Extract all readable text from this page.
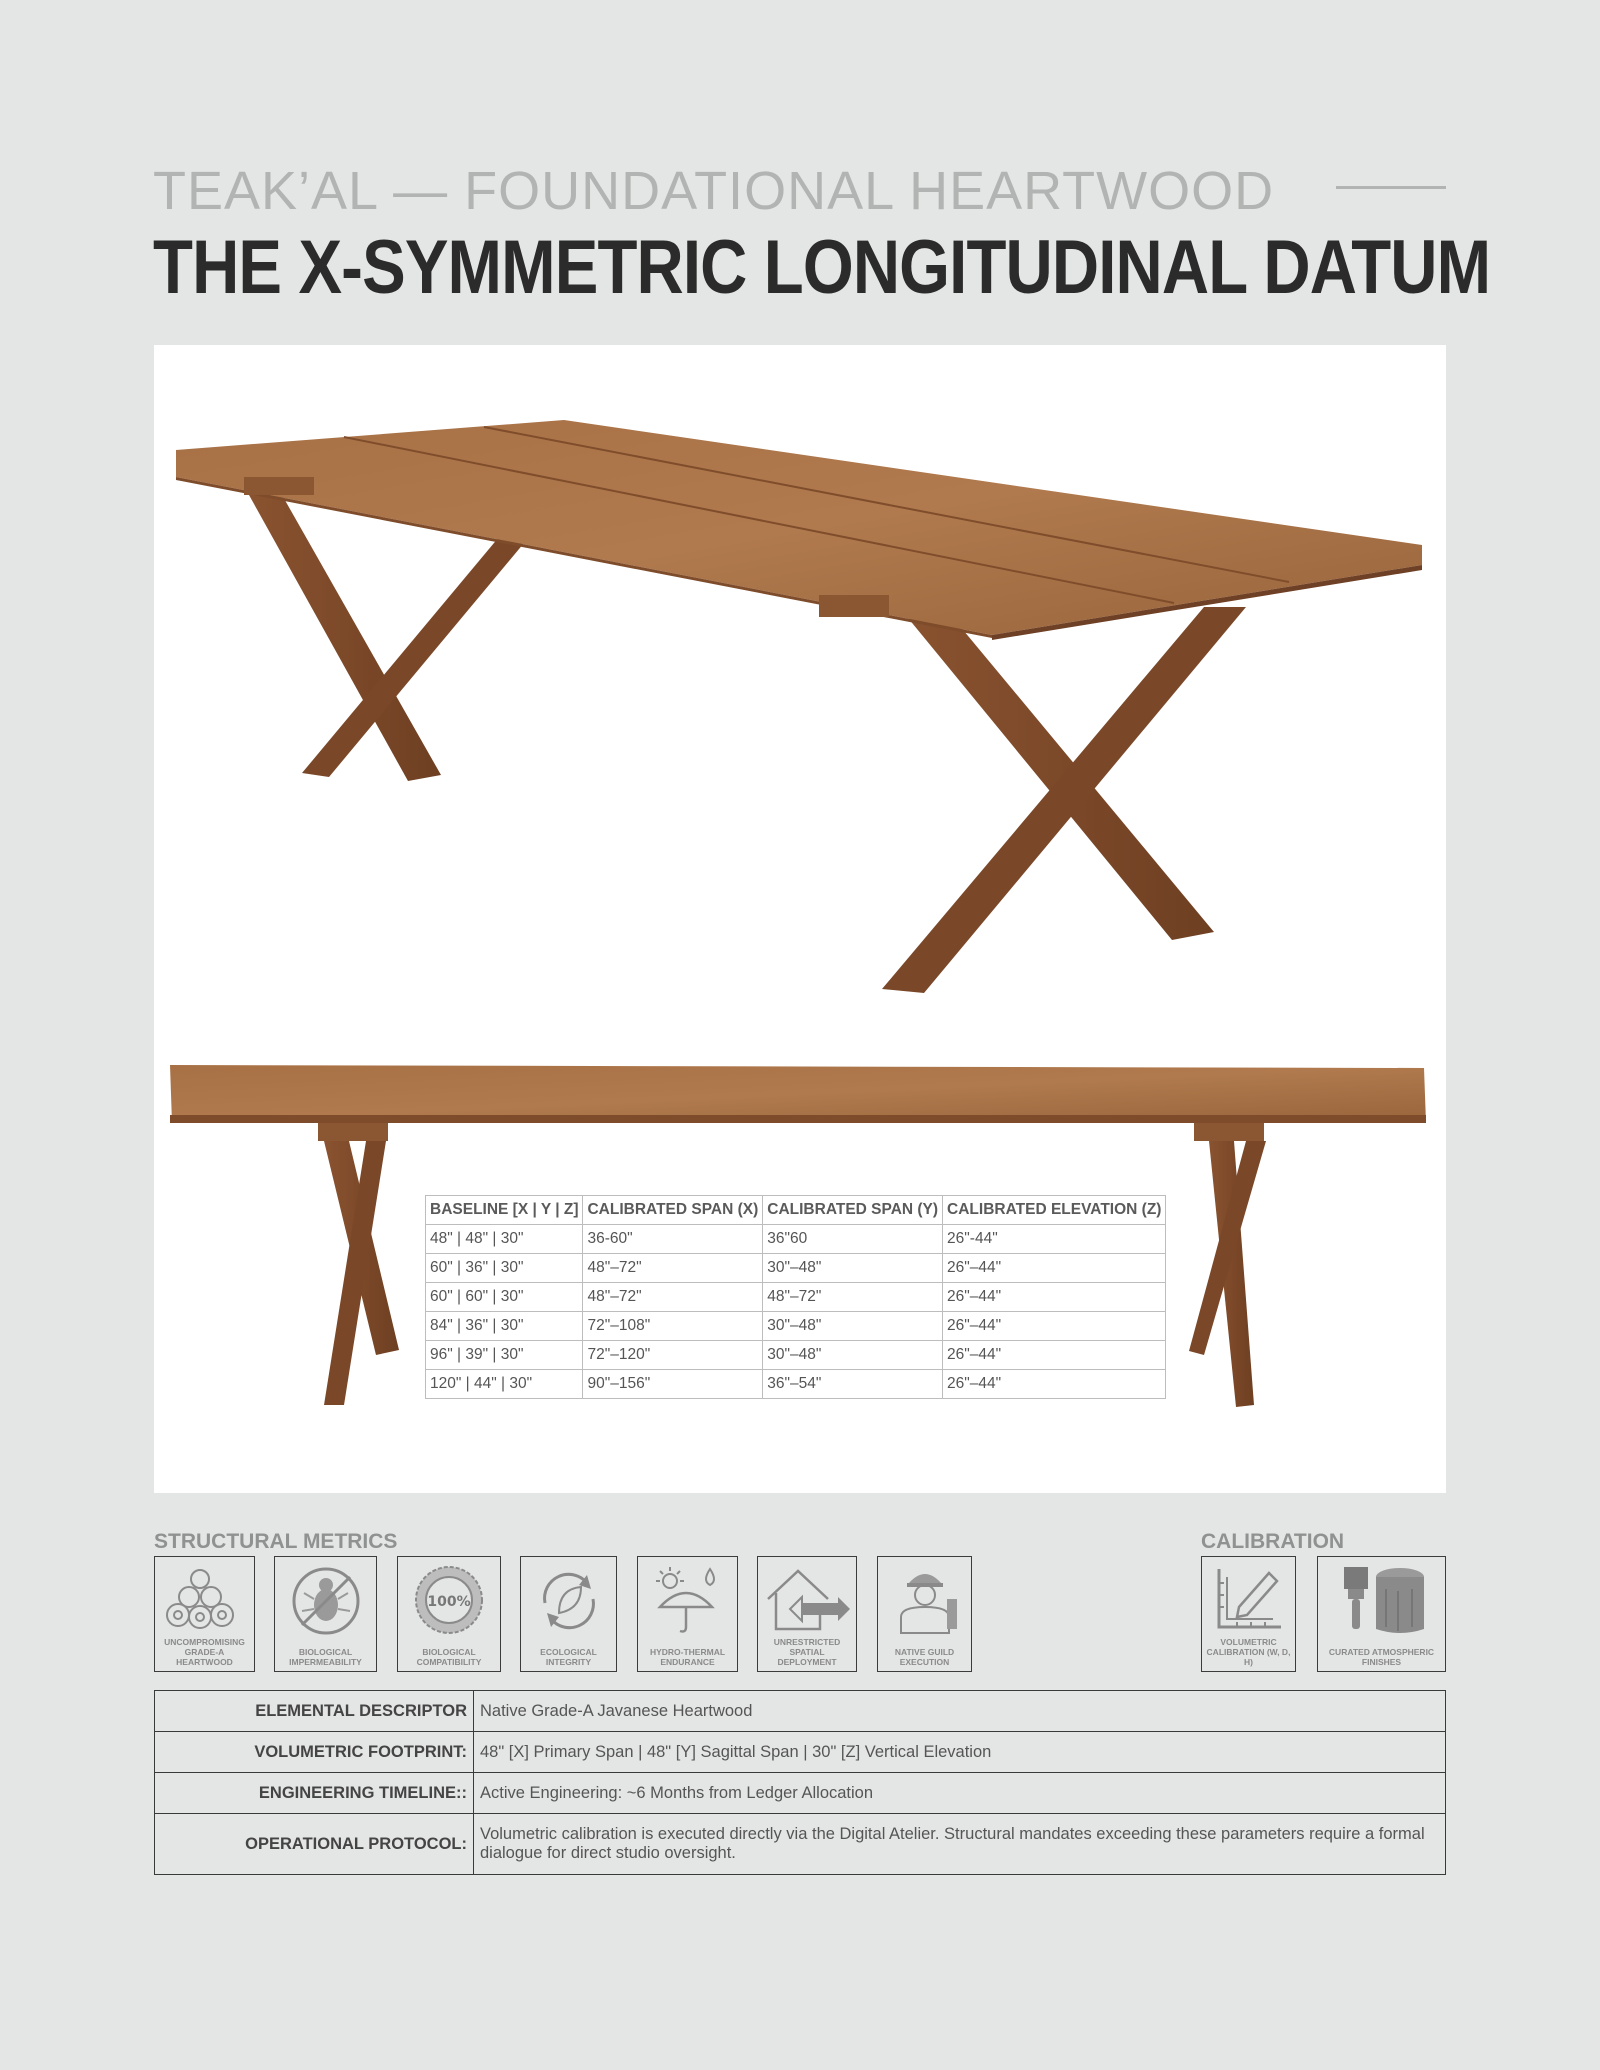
TEAK’AL — FOUNDATIONAL HEARTWOOD
THE X-SYMMETRIC LONGITUDINAL DATUM
BASELINE [X | Y | Z]	CALIBRATED SPAN (X)	CALIBRATED SPAN (Y)	CALIBRATED ELEVATION (Z)
48" | 48" | 30"	36-60"	36"60	26"-44"
60" | 36" | 30"	48"–72"	30"–48"	26"–44"
60" | 60" | 30"	48"–72"	48"–72"	26"–44"
84" | 36" | 30"	72"–108"	30"–48"	26"–44"
96" | 39" | 30"	72"–120"	30"–48"	26"–44"
120" | 44" | 30"	90"–156"	36"–54"	26"–44"
STRUCTURAL METRICS	CALIBRATION
UNCOMPROMISING GRADE-A HEARTWOOD
BIOLOGICAL IMPERMEABILITY
100%
BIOLOGICAL COMPATIBILITY
ECOLOGICAL INTEGRITY
HYDRO-THERMAL ENDURANCE
UNRESTRICTED SPATIAL DEPLOYMENT
NATIVE GUILD EXECUTION
VOLUMETRIC CALIBRATION (W, D, H)
CURATED ATMOSPHERIC FINISHES
ELEMENTAL DESCRIPTOR	Native Grade-A Javanese Heartwood
VOLUMETRIC FOOTPRINT:	48" [X] Primary Span | 48" [Y] Sagittal Span | 30" [Z] Vertical Elevation
ENGINEERING TIMELINE::	Active Engineering: ~6 Months from Ledger Allocation
OPERATIONAL PROTOCOL:	Volumetric calibration is executed directly via the Digital Atelier. Structural mandates exceeding these parameters require a formal dialogue for direct studio oversight.
